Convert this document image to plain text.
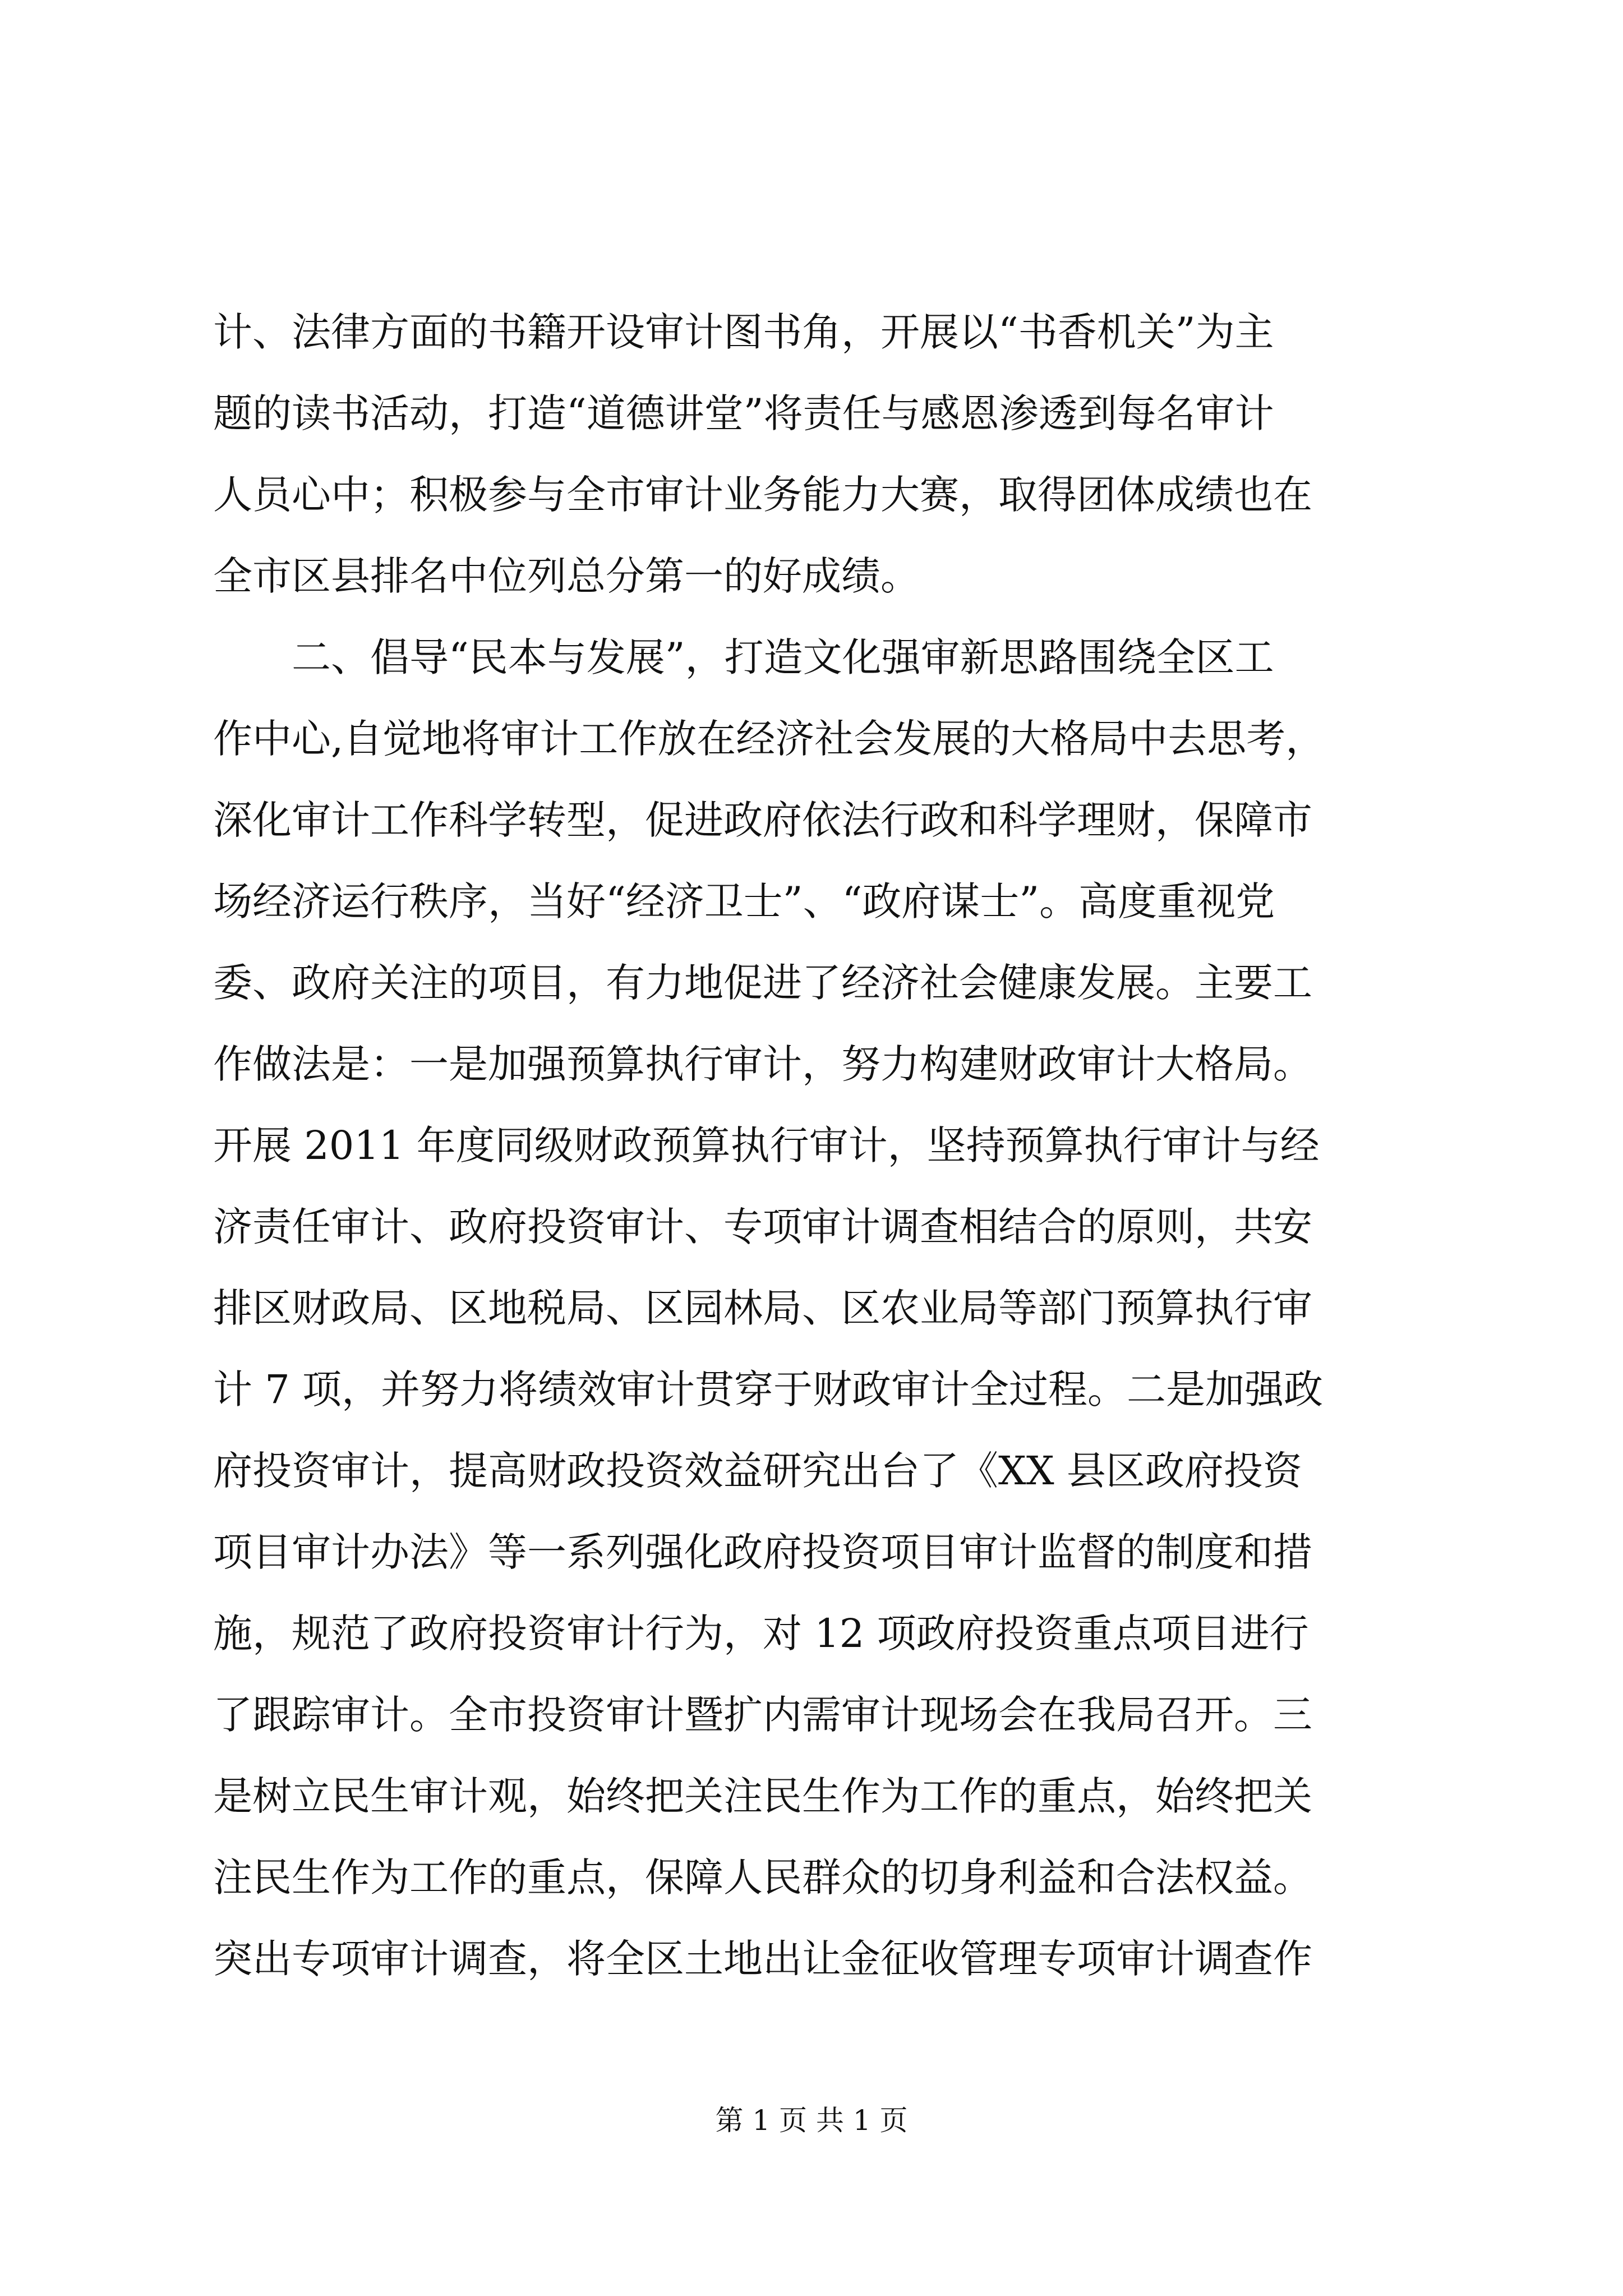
计、法律方面的书籍开设审计图书角，开展以“书香机关”为主
题的读书活动，打造“道德讲堂”将责任与感恩渗透到每名审计
人员心中；积极参与全市审计业务能力大赛，取得团体成绩也在
全市区县排名中位列总分第一的好成绩。
　　二、倡导“民本与发展”，打造文化强审新思路围绕全区工
作中心,自觉地将审计工作放在经济社会发展的大格局中去思考，
深化审计工作科学转型，促进政府依法行政和科学理财，保障市
场经济运行秩序，当好“经济卫士”、“政府谋士”。高度重视党
委、政府关注的项目，有力地促进了经济社会健康发展。主要工
作做法是：一是加强预算执行审计，努力构建财政审计大格局。
开展 2011 年度同级财政预算执行审计，坚持预算执行审计与经
济责任审计、政府投资审计、专项审计调查相结合的原则，共安
排区财政局、区地税局、区园林局、区农业局等部门预算执行审
计 7 项，并努力将绩效审计贯穿于财政审计全过程。二是加强政
府投资审计，提高财政投资效益研究出台了《XX 县区政府投资
项目审计办法》等一系列强化政府投资项目审计监督的制度和措
施，规范了政府投资审计行为，对 12 项政府投资重点项目进行
了跟踪审计。全市投资审计暨扩内需审计现场会在我局召开。三
是树立民生审计观，始终把关注民生作为工作的重点，始终把关
注民生作为工作的重点，保障人民群众的切身利益和合法权益。
突出专项审计调查，将全区土地出让金征收管理专项审计调查作
第 1 页 共 1 页
